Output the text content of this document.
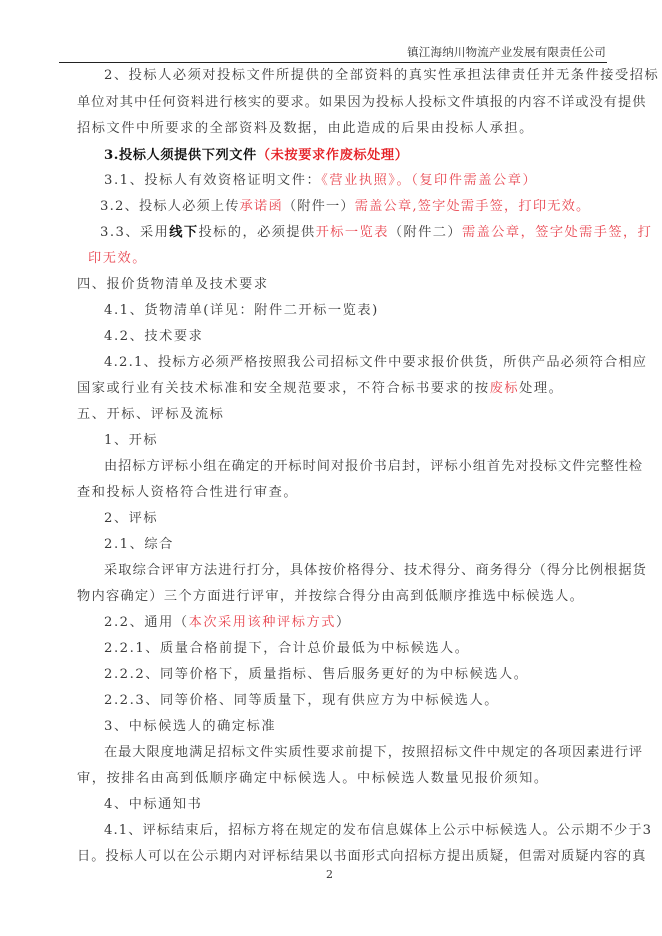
镇江海纳川物流产业发展有限责任公司
2、投标人必须对投标文件所提供的全部资料的真实性承担法律责任并无条件接受招标
单位对其中任何资料进行核实的要求。如果因为投标人投标文件填报的内容不详或没有提供
招标文件中所要求的全部资料及数据，由此造成的后果由投标人承担。
3.投标人须提供下列文件（未按要求作废标处理）
3.1、投标人有效资格证明文件：《营业执照》。（复印件需盖公章）
3.2、投标人必须上传承诺函（附件一）需盖公章,签字处需手签，打印无效。
3.3、采用线下投标的，必须提供开标一览表（附件二）需盖公章，签字处需手签，打
印无效。
四、报价货物清单及技术要求
4.1、货物清单(详见：附件二开标一览表)
4.2、技术要求
4.2.1、投标方必须严格按照我公司招标文件中要求报价供货，所供产品必须符合相应
国家或行业有关技术标准和安全规范要求，不符合标书要求的按废标处理。
五、开标、评标及流标
1、开标
由招标方评标小组在确定的开标时间对报价书启封，评标小组首先对投标文件完整性检
查和投标人资格符合性进行审查。
2、评标
2.1、综合
采取综合评审方法进行打分，具体按价格得分、技术得分、商务得分（得分比例根据货
物内容确定）三个方面进行评审，并按综合得分由高到低顺序推选中标候选人。
2.2、通用（本次采用该种评标方式）
2.2.1、质量合格前提下，合计总价最低为中标候选人。
2.2.2、同等价格下，质量指标、售后服务更好的为中标候选人。
2.2.3、同等价格、同等质量下，现有供应方为中标候选人。
3、中标候选人的确定标准
在最大限度地满足招标文件实质性要求前提下，按照招标文件中规定的各项因素进行评
审，按排名由高到低顺序确定中标候选人。中标候选人数量见报价须知。
4、中标通知书
4.1、评标结束后，招标方将在规定的发布信息媒体上公示中标候选人。公示期不少于3
日。投标人可以在公示期内对评标结果以书面形式向招标方提出质疑，但需对质疑内容的真
2
